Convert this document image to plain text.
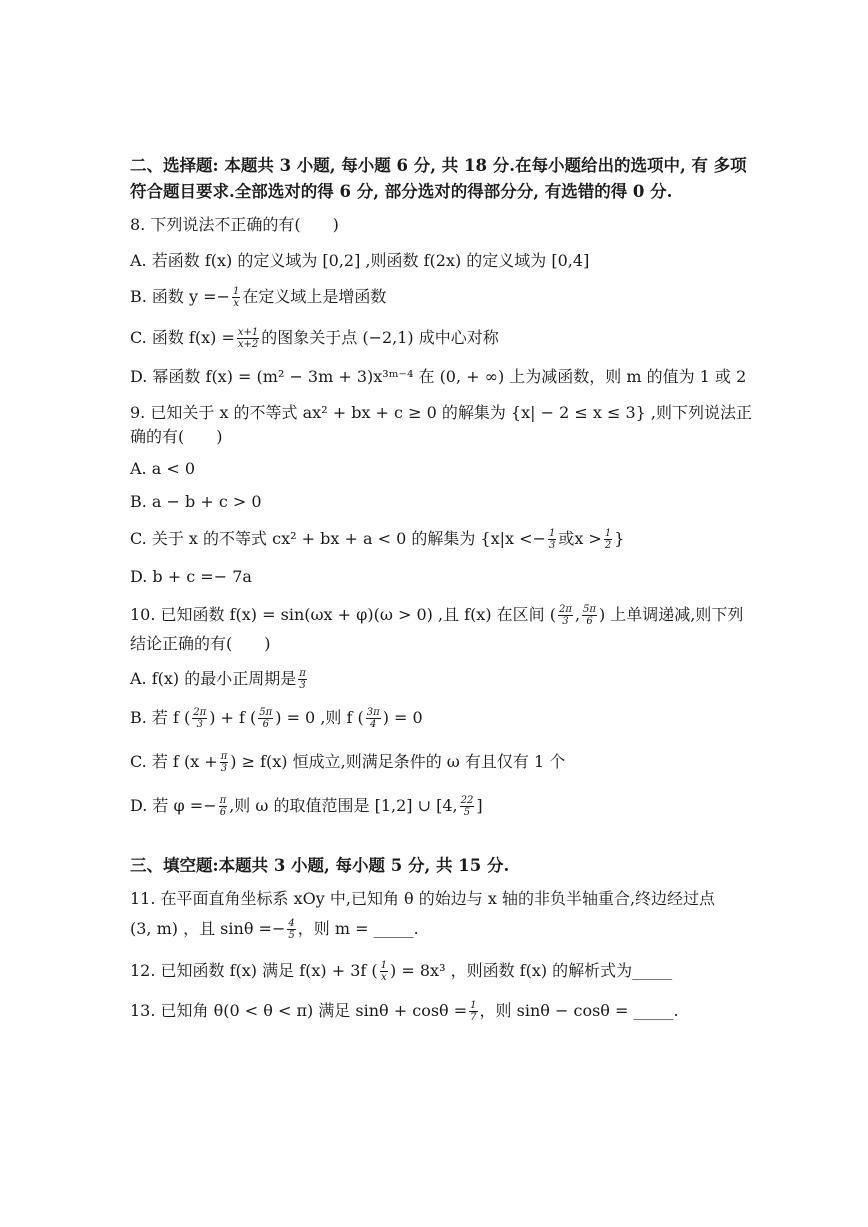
二、选择题: 本题共 3 小题, 每小题 6 分, 共 18 分.在每小题给出的选项中, 有 多项
符合题目要求.全部选对的得 6 分, 部分选对的得部分分, 有选错的得 0 分.
8. 下列说法不正确的有(　　)
A. 若函数 f(x) 的定义域为 [0,2] ,则函数 f(2x) 的定义域为 [0,4]
B. 函数 $y =- \frac{1}{x}$ 在定义域上是增函数
C. 函数 $f(x) = \frac{x+1}{x+2}$ 的图象关于点 (−2,1) 成中心对称
D. 幂函数 f(x) = (m² − 3m + 3)x³ᵐ⁻⁴ 在 (0, + ∞) 上为减函数，则 m 的值为 1 或 2
9. 已知关于 x 的不等式 ax² + bx + c ≥ 0 的解集为 {x| − 2 ≤ x ≤ 3} ,则下列说法正
确的有(　　)
A. a < 0
B. a − b + c > 0
C. 关于 x 的不等式 cx² + bx + a < 0 的解集为 {$x|x <- \frac{1}{3}$ 或$x > \frac{1}{2}$ }
D. b + c =− 7a
10. 已知函数 f(x) = sin(ωx + φ)(ω > 0) ,且 f(x) 在区间 ( $\frac{2\pi}{3}$ , $\frac{5\pi}{6}$ ) 上单调递减,则下列
结论正确的有(　　)
A. f(x) 的最小正周期是 $\frac{\pi}{3}$
B. 若 f ( $\frac{2\pi}{3}$ ) + f ( $\frac{5\pi}{6}$ ) = 0 ,则 f ( $\frac{3\pi}{4}$ ) = 0
C. 若 f ($x + \frac{\pi}{3}$ ) ≥ f(x) 恒成立,则满足条件的 ω 有且仅有 1 个
D. 若 $\varphi =- \frac{\pi}{6}$ ,则 ω 的取值范围是 [1,2] ∪ [4, $\frac{22}{5}$ ]
三、填空题:本题共 3 小题, 每小题 5 分, 共 15 分.
11. 在平面直角坐标系 xOy 中,已知角 θ 的始边与 x 轴的非负半轴重合,终边经过点
(3, m) ，且 $\sin\theta =- \frac{4}{5}$ ，则 m = _____.
12. 已知函数 f(x) 满足 f(x) + 3f ( $\frac{1}{x}$ ) = 8x³ ，则函数 f(x) 的解析式为_____
13. 已知角 θ(0 < θ < π) 满足 $\sin\theta + \cos\theta = \frac{1}{7}$ ，则 sinθ − cosθ = _____.
